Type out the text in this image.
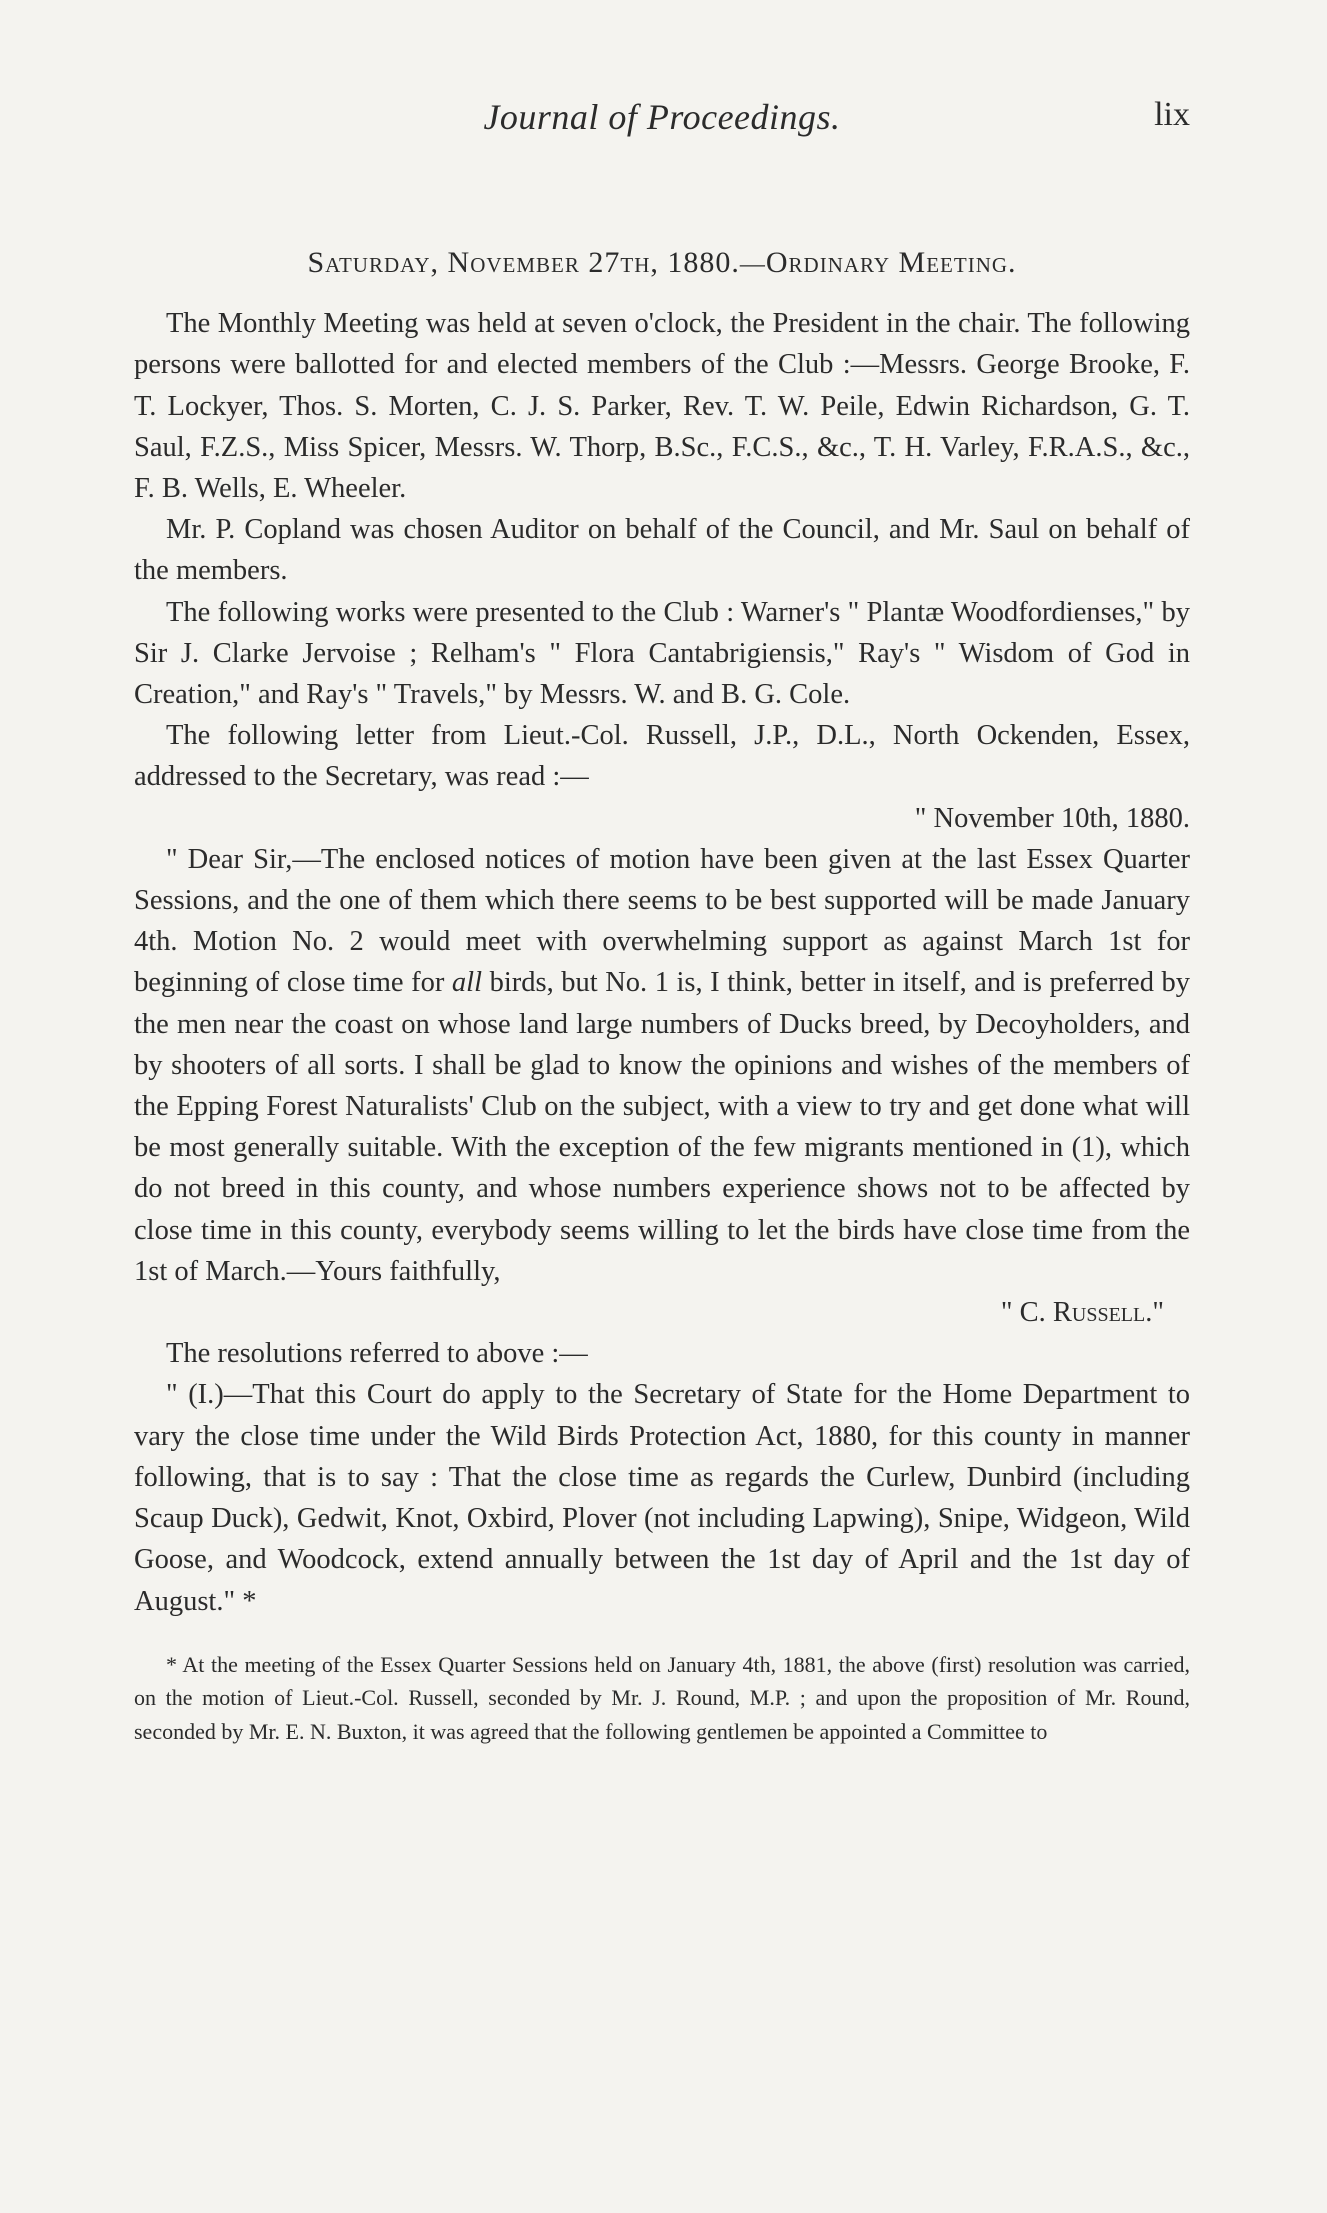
Journal of Proceedings.	lix

Saturday, November 27th, 1880.—Ordinary Meeting.

The Monthly Meeting was held at seven o'clock, the President in the chair. The following persons were ballotted for and elected members of the Club :—Messrs. George Brooke, F. T. Lockyer, Thos. S. Morten, C. J. S. Parker, Rev. T. W. Peile, Edwin Richardson, G. T. Saul, F.Z.S., Miss Spicer, Messrs. W. Thorp, B.Sc., F.C.S., &c., T. H. Varley, F.R.A.S., &c., F. B. Wells, E. Wheeler.

Mr. P. Copland was chosen Auditor on behalf of the Council, and Mr. Saul on behalf of the members.

The following works were presented to the Club : Warner's " Plantæ Woodfordienses," by Sir J. Clarke Jervoise ; Relham's " Flora Cantabrigiensis," Ray's " Wisdom of God in Creation," and Ray's " Travels," by Messrs. W. and B. G. Cole.

The following letter from Lieut.-Col. Russell, J.P., D.L., North Ockenden, Essex, addressed to the Secretary, was read :—

" November 10th, 1880.

" Dear Sir,—The enclosed notices of motion have been given at the last Essex Quarter Sessions, and the one of them which there seems to be best supported will be made January 4th. Motion No. 2 would meet with overwhelming support as against March 1st for beginning of close time for all birds, but No. 1 is, I think, better in itself, and is preferred by the men near the coast on whose land large numbers of Ducks breed, by Decoyholders, and by shooters of all sorts. I shall be glad to know the opinions and wishes of the members of the Epping Forest Naturalists' Club on the subject, with a view to try and get done what will be most generally suitable. With the exception of the few migrants mentioned in (1), which do not breed in this county, and whose numbers experience shows not to be affected by close time in this county, everybody seems willing to let the birds have close time from the 1st of March.—Yours faithfully,

" C. Russell."

The resolutions referred to above :—

" (I.)—That this Court do apply to the Secretary of State for the Home Department to vary the close time under the Wild Birds Protection Act, 1880, for this county in manner following, that is to say : That the close time as regards the Curlew, Dunbird (including Scaup Duck), Gedwit, Knot, Oxbird, Plover (not including Lapwing), Snipe, Widgeon, Wild Goose, and Woodcock, extend annually between the 1st day of April and the 1st day of August." *

* At the meeting of the Essex Quarter Sessions held on January 4th, 1881, the above (first) resolution was carried, on the motion of Lieut.-Col. Russell, seconded by Mr. J. Round, M.P. ; and upon the proposition of Mr. Round, seconded by Mr. E. N. Buxton, it was agreed that the following gentlemen be appointed a Committee to
